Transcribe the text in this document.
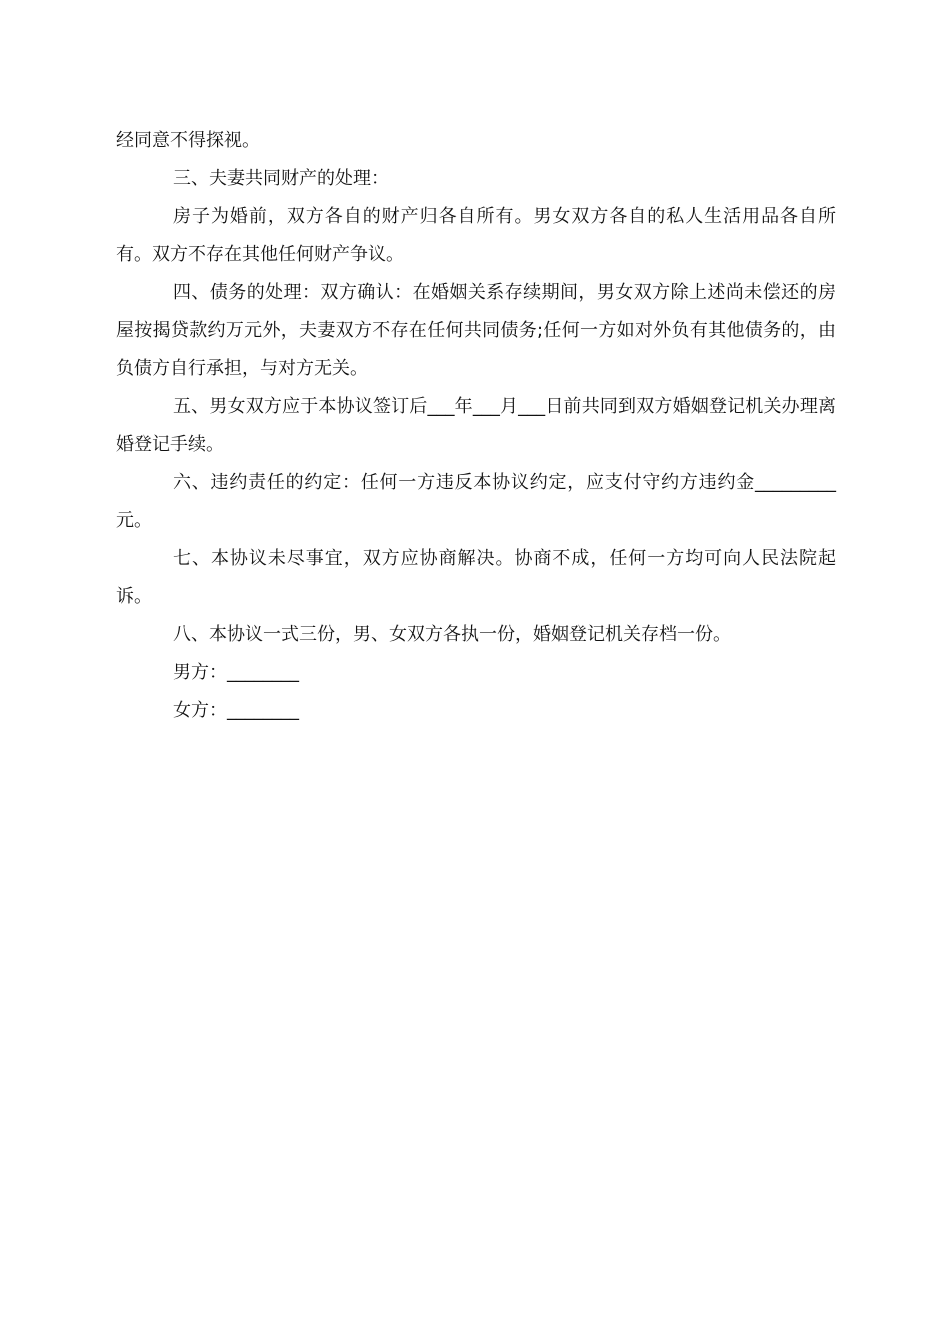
经同意不得探视。

三、夫妻共同财产的处理：

房子为婚前，双方各自的财产归各自所有。男女双方各自的私人生活用品各自所有。双方不存在其他任何财产争议。

四、债务的处理：双方确认：在婚姻关系存续期间，男女双方除上述尚未偿还的房屋按揭贷款约万元外，夫妻双方不存在任何共同债务;任何一方如对外负有其他债务的，由负债方自行承担，与对方无关。

五、男女双方应于本协议签订后___年___月___日前共同到双方婚姻登记机关办理离婚登记手续。

六、违约责任的约定：任何一方违反本协议约定，应支付守约方违约金_________元。

七、本协议未尽事宜，双方应协商解决。协商不成，任何一方均可向人民法院起诉。

八、本协议一式三份，男、女双方各执一份，婚姻登记机关存档一份。

男方：________

女方：________
